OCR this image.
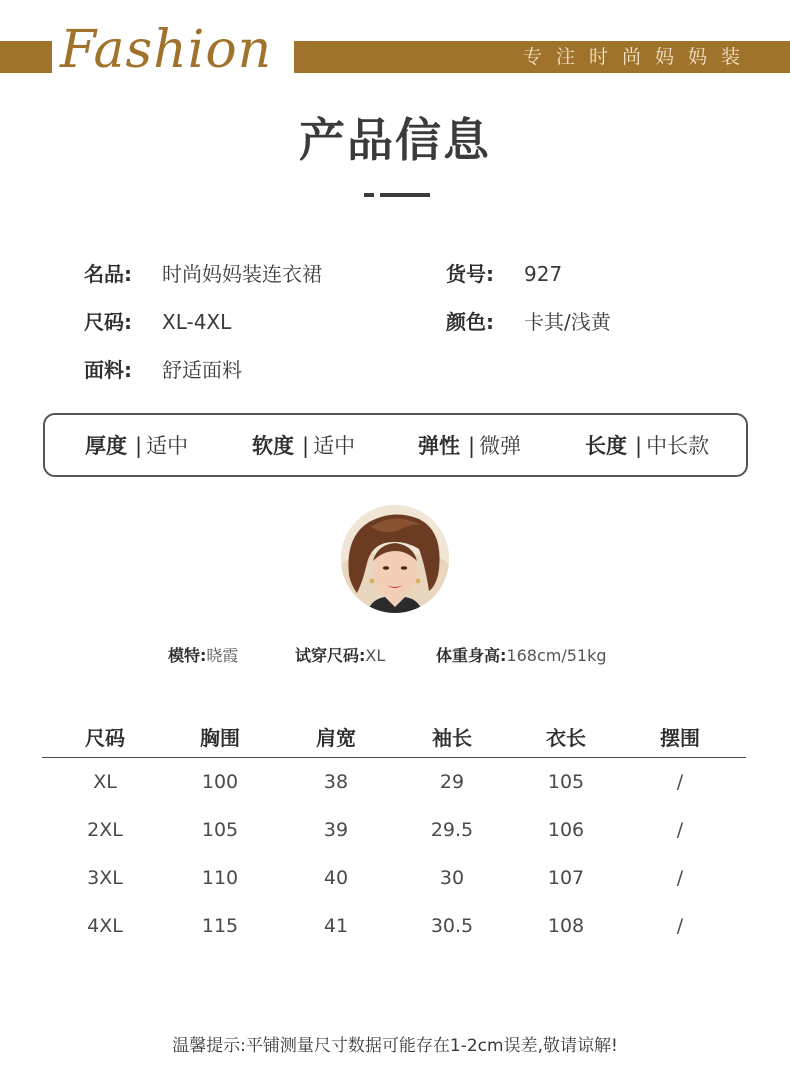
Fashion	专注时尚妈妈装
产品信息
名品: 时尚妈妈装连衣裙	货号: 927
尺码: XL-4XL	颜色: 卡其/浅黄
面料: 舒适面料
厚度 | 适中	软度 | 适中	弹性 | 微弹	长度 | 中长款
模特:晓霞	试穿尺码:XL	体重身高:168cm/51kg
尺码	胸围	肩宽	袖长	衣长	摆围
XL	100	38	29	105	/
2XL	105	39	29.5	106	/
3XL	110	40	30	107	/
4XL	115	41	30.5	108	/
温馨提示:平铺测量尺寸数据可能存在1-2cm误差,敬请谅解!
